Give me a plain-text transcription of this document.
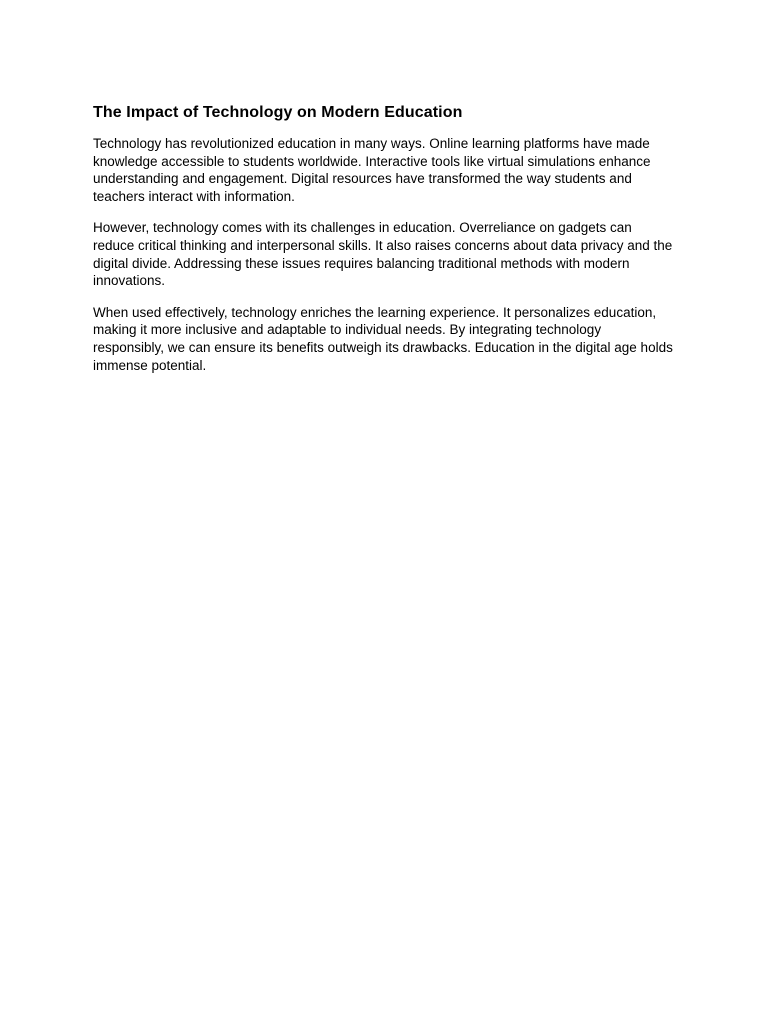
The Impact of Technology on Modern Education

Technology has revolutionized education in many ways. Online learning platforms have made knowledge accessible to students worldwide. Interactive tools like virtual simulations enhance understanding and engagement. Digital resources have transformed the way students and teachers interact with information.

However, technology comes with its challenges in education. Overreliance on gadgets can reduce critical thinking and interpersonal skills. It also raises concerns about data privacy and the digital divide. Addressing these issues requires balancing traditional methods with modern innovations.

When used effectively, technology enriches the learning experience. It personalizes education, making it more inclusive and adaptable to individual needs. By integrating technology responsibly, we can ensure its benefits outweigh its drawbacks. Education in the digital age holds immense potential.
